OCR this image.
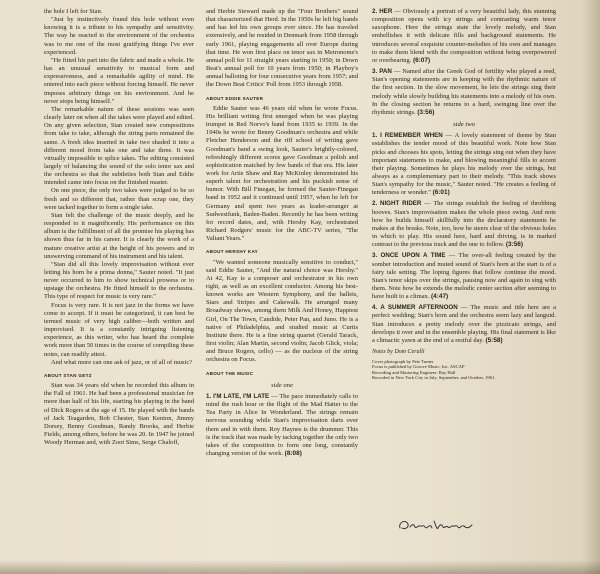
the hole I left for Stan.

"Just by instinctively found this hole without even knowing it is a tribute to his sympathy and sensitivity. The way he reacted to the environment of the orchestra was to me one of the most gratifying things I've ever experienced.

"He fitted his part into the fabric and made a whole. He has an unusual sensitivity to musical form and expressiveness, and a remarkable agility of mind. He entered into each piece without forcing himself. He never imposes arbitrary things on his environment. And he never stops being himself."

The remarkable nature of these sessions was seen clearly later on when all the takes were played and edited. On any given selection, Stan created new compositions from take to take, although the string parts remained the same. A fresh idea inserted in take two shaded it into a different mood from take one and take three. It was virtually impossible to splice takes. The editing consisted largely of balancing the sound of the solo tenor sax and the orchestra so that the subtleties both Stan and Eddie intended came into focus on the finished master.

On one piece, the only two takes were judged to be so fresh and so different that, rather than scrap one, they were tacked together to form a single take.

Stan felt the challenge of the music deeply, and he responded to it magnificently. His performance on this album is the fulfillment of all the promise his playing has shown thus far in his career. It is clearly the work of a mature creative artist at the height of his powers and in unswerving command of his instrument and his talent.

"Stan did all this lovely improvisation without ever letting his horn be a prima donna," Sauter noted. "It just never occurred to him to show technical prowess or to upstage the orchestra. He fitted himself to the orchestra. This type of respect for music is very rare."

Focus is very rare. It is not jazz in the forms we have come to accept. If it must be categorized, it can best be termed music of very high caliber—both written and improvised. It is a constantly intriguing listening experience, as this writer, who has heard the complete work more than 50 times in the course of compiling these notes, can readily attest.

And what more can one ask of jazz, or of all of music?

ABOUT STAN GETZ

Stan was 34 years old when he recorded this album in the Fall of 1961. He had been a professional musician for more than half of his life, starting his playing in the band of Dick Rogers at the age of 15. He played with the bands of Jack Teagarden, Bob Chester, Stan Kenton, Jimmy Dorsey, Benny Goodman, Randy Brooks, and Herbie Fields, among others, before he was 20. In 1947 he joined Woody Herman and, with Zoot Sims, Serge Chaloff,

and Herbie Steward made up the "Four Brothers" sound that characterized that Herd. In the 1950s he left big bands and has led his own groups ever since. He has traveled extensively, and he resided in Denmark from 1958 through early 1961, playing engagements all over Europe during that time. He won first place on tenor sax in Metronome's annual poll for 11 straight years starting in 1950; in Down Beat's annual poll for 10 years from 1950; in Playboy's annual balloting for four consecutive years from 1957; and the Down Beat Critics' Poll from 1953 through 1958.

ABOUT EDDIE SAUTER

Eddie Sauter was 46 years old when he wrote Focus. His brilliant writing first emerged when he was playing trumpet in Red Norvo's band from 1935 to 1939. In the 1940s he wrote for Benny Goodman's orchestra and while Fletcher Henderson and the riff school of writing gave Goodman's band a swing look, Sauter's brightly-colored, refreshingly different scores gave Goodman a polish and sophistication matched by few bands of that era. His later work for Artie Shaw and Ray McKinley demonstrated his superb talent for orchestration and his puckish sense of humor. With Bill Finegan, he formed the Sauter-Finegan band in 1952 and it continued until 1957, when he left for Germany and spent two years as leader-arranger at Sudwestfunk, Baden-Baden. Recently he has been writing for record dates, and, with Hershy Kay, orchestrated Richard Rodgers' music for the ABC-TV series, "The Valiant Years."

ABOUT HERSHY KAY

"We wanted someone musically sensitive to conduct," said Eddie Sauter, "And the natural choice was Hershy." At 42, Kay is a composer and orchestrator in his own right, as well as an excellent conductor. Among his best-known works are Western Symphony, and the ballets, Stars and Stripes and Cakewalk. He arranged many Broadway shows, among them Milk And Honey, Happiest Girl, On The Town, Candide, Peter Pan, and Juno. He is a native of Philadelphia, and studied music at Curtis Institute there. He is a fine string quartet (Gerald Tarack, first violin; Alan Martin, second violin; Jacob Glick, viola; and Bruce Rogers, cello) — as the nucleus of the string orchestra on Focus.

ABOUT THE MUSIC
side one
1. I'M LATE, I'M LATE — The pace immediately calls to mind the rush hour or the flight of the Mad Hatter to the Tea Party in Alice In Wonderland. The strings remain nervous sounding while Stan's improvisation darts over them and in with them. Roy Haynes is the drummer. This is the track that was made by tacking together the only two takes of the composition to form one long, constantly changing version of the work. (8:08)
2. HER — Obviously a portrait of a very beautiful lady, this stunning composition opens with icy strings and contrasting warm tenor saxophone. Here the strings state the lovely melody, and Stan embellishes it with delicate fills and background statements. He introduces several exquisite counter-melodies of his own and manages to make them blend with the composition without being overpowered or overbearing. (6:07)
3. PAN — Named after the Greek God of fertility who played a reed, Stan's opening statements are in keeping with the rhythmic nature of the first section. In the slow movement, he lets the strings sing their melody while slowly building his statements into a melody of his own. In the closing section he returns to a hard, swinging line over the rhythmic strings. (3:56)
side two
1. I REMEMBER WHEN — A lovely statement of theme by Stan establishes the tender mood of this beautiful work. Note how Stan picks and chooses his spots, letting the strings sing out when they have important statements to make, and blowing meaningful fills to accent their playing. Sometimes he plays his melody over the strings, but always as a complementary part to their melody. "This track shows Stan's sympathy for the music," Sauter noted. "He creates a feeling of tenderness or wonder." (6:01)
2. NIGHT RIDER — The strings establish the feeling of throbbing hooves. Stan's improvisation makes the whole piece swing. And note how he builds himself skillfully into the declaratory statements he makes at the breaks. Note, too, how he steers clear of the obvious holes in which to play. His sound here, hard and driving, is in marked contrast to the previous track and the one to follow. (3:56)
3. ONCE UPON A TIME — The over-all feeling created by the somber introduction and muted sound of Stan's horn at the start is of a fairy tale setting. The loping figures that follow continue the mood. Stan's tenor skips over the strings, pausing now and again to sing with them. Note how he extends the melodic center section after seeming to have built to a climax. (4:47)
4. A SUMMER AFTERNOON — The music and title here are a perfect wedding; Stan's horn and the orchestra seem lazy and languid. Stan introduces a pretty melody over the pizzicato strings, and develops it over and in the ensemble playing. His final statement is like a climactic yawn at the end of a restful day. (5:58)
Notes by Dom Cerulli
Cover photograph by Pete Turner
Focus is published by Groove Music, Inc. ASCAP
Recording and Mastering Engineer: Ray Hall
Recorded in New York City in July, September, and October, 1961.
